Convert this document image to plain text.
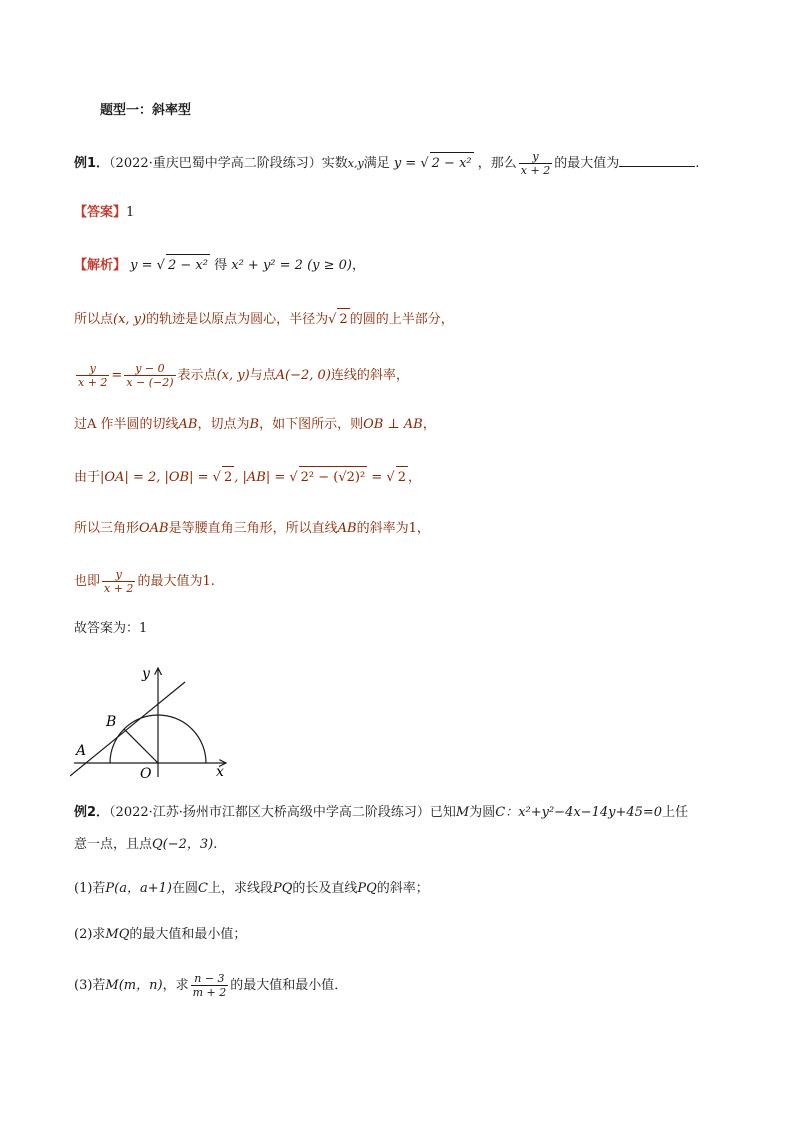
题型一：斜率型
例1．（2022·重庆巴蜀中学高二阶段练习）实数x,y满足 y = √ 2 − x² ，那么 $\frac{y}{x + 2}$ 的最大值为	.
【答案】1
【解析】 y = √ 2 − x² 得 x² + y² = 2 (y ≥ 0)，
所以点(x, y)的轨迹是以原点为圆心，半径为√ 2 的圆的上半部分，
$\frac{y}{x + 2} = \frac{y - 0}{x - (-2)}$ 表示点(x, y)与点A(−2, 0)连线的斜率，
过A 作半圆的切线AB，切点为B，如下图所示，则OB ⊥ AB，
由于|OA| = 2, |OB| = √ 2 , |AB| = √ 2² − (√2)² = √ 2 ，
所以三角形OAB是等腰直角三角形，所以直线AB的斜率为1，
也即 $\frac{y}{x + 2}$ 的最大值为1.
故答案为：1
y
x
A
B
O
例2．（2022·江苏·扬州市江都区大桥高级中学高二阶段练习）已知M为圆C：x²+y²−4x−14y+45=0上任
意一点，且点Q(−2，3).
(1)若P(a，a+1)在圆C上，求线段PQ的长及直线PQ的斜率；
(2)求MQ的最大值和最小值；
(3)若M(m，n)，求 $\frac{n - 3}{m + 2}$ 的最大值和最小值．
